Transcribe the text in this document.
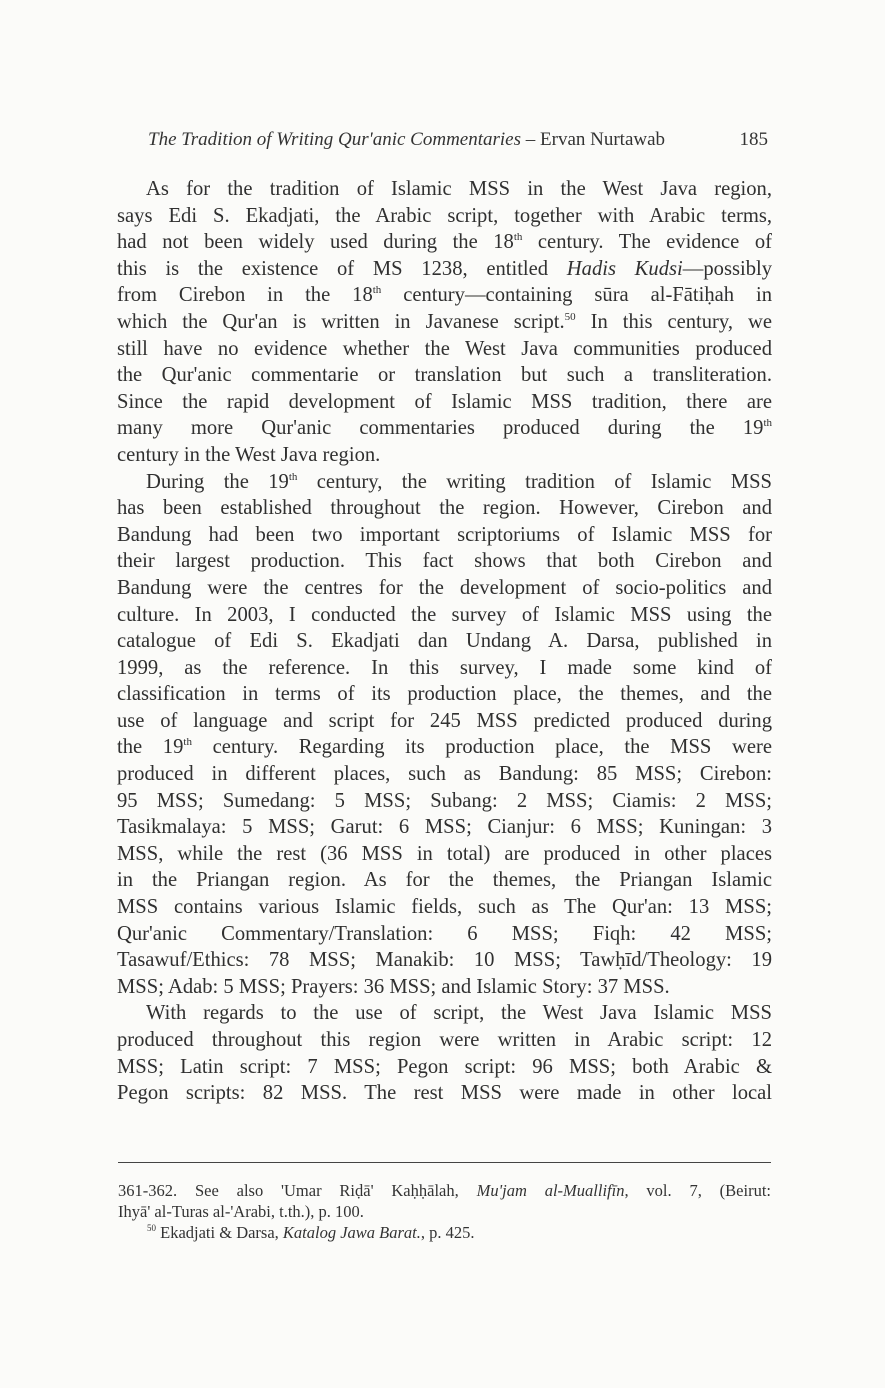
The Tradition of Writing Qur'anic Commentaries – Ervan Nurtawab	185

As for the tradition of Islamic MSS in the West Java region,
says Edi S. Ekadjati, the Arabic script, together with Arabic terms,
had not been widely used during the 18th century. The evidence of
this is the existence of MS 1238, entitled Hadis Kudsi—possibly
from Cirebon in the 18th century—containing sūra al-Fātiḥah in
which the Qur'an is written in Javanese script.$^{50}$ In this century, we
still have no evidence whether the West Java communities produced
the Qur'anic commentarie or translation but such a transliteration.
Since the rapid development of Islamic MSS tradition, there are
many more Qur'anic commentaries produced during the 19th
century in the West Java region.

During the 19th century, the writing tradition of Islamic MSS
has been established throughout the region. However, Cirebon and
Bandung had been two important scriptoriums of Islamic MSS for
their largest production. This fact shows that both Cirebon and
Bandung were the centres for the development of socio-politics and
culture. In 2003, I conducted the survey of Islamic MSS using the
catalogue of Edi S. Ekadjati dan Undang A. Darsa, published in
1999, as the reference. In this survey, I made some kind of
classification in terms of its production place, the themes, and the
use of language and script for 245 MSS predicted produced during
the 19th century. Regarding its production place, the MSS were
produced in different places, such as Bandung: 85 MSS; Cirebon:
95 MSS; Sumedang: 5 MSS; Subang: 2 MSS; Ciamis: 2 MSS;
Tasikmalaya: 5 MSS; Garut: 6 MSS; Cianjur: 6 MSS; Kuningan: 3
MSS, while the rest (36 MSS in total) are produced in other places
in the Priangan region. As for the themes, the Priangan Islamic
MSS contains various Islamic fields, such as The Qur'an: 13 MSS;
Qur'anic Commentary/Translation: 6 MSS; Fiqh: 42 MSS;
Tasawuf/Ethics: 78 MSS; Manakib: 10 MSS; Tawḥīd/Theology: 19
MSS; Adab: 5 MSS; Prayers: 36 MSS; and Islamic Story: 37 MSS.

With regards to the use of script, the West Java Islamic MSS
produced throughout this region were written in Arabic script: 12
MSS; Latin script: 7 MSS; Pegon script: 96 MSS; both Arabic &
Pegon scripts: 82 MSS. The rest MSS were made in other local

361-362. See also 'Umar Riḍā' Kaḥḥālah, Mu'jam al-Muallifīn, vol. 7, (Beirut:
Ihyā' al-Turas al-'Arabi, t.th.), p. 100.
$^{50}$ Ekadjati & Darsa, Katalog Jawa Barat., p. 425.
